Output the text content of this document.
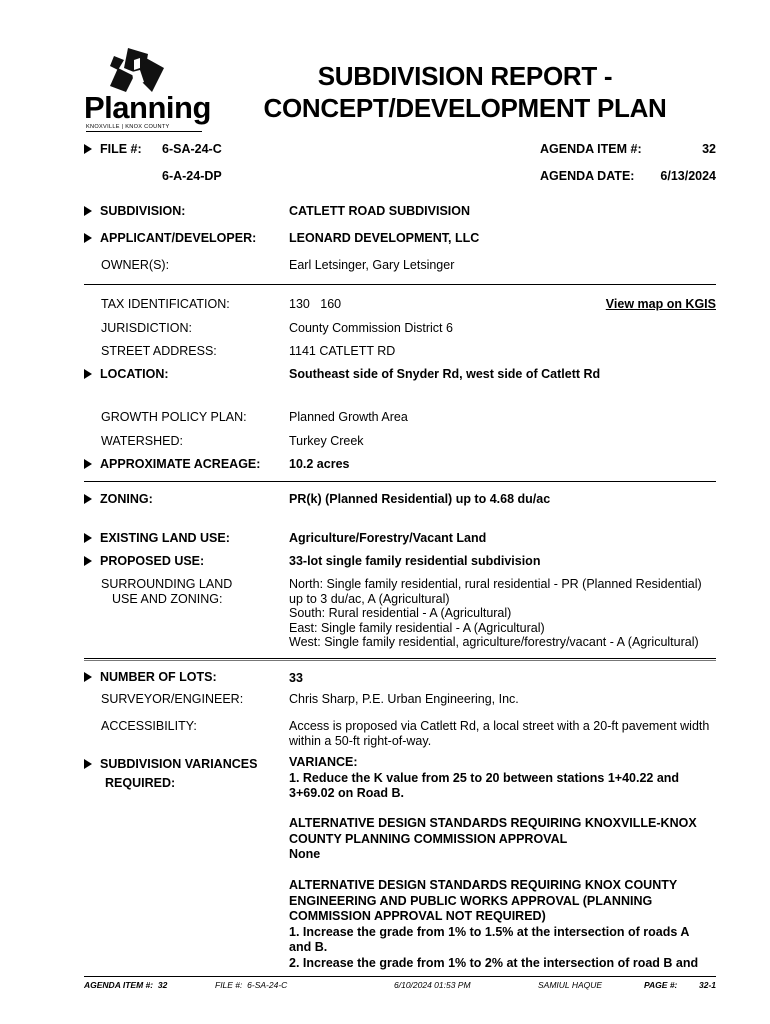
Planning
KNOXVILLE | KNOX COUNTY
SUBDIVISION REPORT -
CONCEPT/DEVELOPMENT PLAN
FILE #: 6-SA-24-C
6-A-24-DP
AGENDA ITEM #:	32
AGENDA DATE:	6/13/2024
SUBDIVISION:	CATLETT ROAD SUBDIVISION
APPLICANT/DEVELOPER:	LEONARD DEVELOPMENT, LLC
OWNER(S):	Earl Letsinger, Gary Letsinger
TAX IDENTIFICATION:	130   160	View map on KGIS
JURISDICTION:	County Commission District 6
STREET ADDRESS:	1141 CATLETT RD
LOCATION:	Southeast side of Snyder Rd, west side of Catlett Rd
GROWTH POLICY PLAN:	Planned Growth Area
WATERSHED:	Turkey Creek
APPROXIMATE ACREAGE: 10.2 acres
ZONING:	PR(k) (Planned Residential) up to 4.68 du/ac
EXISTING LAND USE:	Agriculture/Forestry/Vacant Land
PROPOSED USE:	33-lot single family residential subdivision
SURROUNDING LAND
USE AND ZONING:
North: Single family residential, rural residential - PR (Planned Residential)
up to 3 du/ac, A (Agricultural)
South: Rural residential - A (Agricultural)
East: Single family residential - A (Agricultural)
West: Single family residential, agriculture/forestry/vacant - A (Agricultural)
NUMBER OF LOTS:	33
SURVEYOR/ENGINEER:	Chris Sharp, P.E. Urban Engineering, Inc.
ACCESSIBILITY:	Access is proposed via Catlett Rd, a local street with a 20-ft pavement width
within a 50-ft right-of-way.
SUBDIVISION VARIANCES
REQUIRED:
VARIANCE:
1. Reduce the K value from 25 to 20 between stations 1+40.22 and
3+69.02 on Road B.
ALTERNATIVE DESIGN STANDARDS REQUIRING KNOXVILLE-KNOX
COUNTY PLANNING COMMISSION APPROVAL
None
ALTERNATIVE DESIGN STANDARDS REQUIRING KNOX COUNTY
ENGINEERING AND PUBLIC WORKS APPROVAL (PLANNING
COMMISSION APPROVAL NOT REQUIRED)
1. Increase the grade from 1% to 1.5% at the intersection of roads A
and B.
2. Increase the grade from 1% to 2% at the intersection of road B and
AGENDA ITEM #: 32	FILE #: 6-SA-24-C	6/10/2024 01:53 PM	SAMIUL HAQUE	PAGE #:	32-1
